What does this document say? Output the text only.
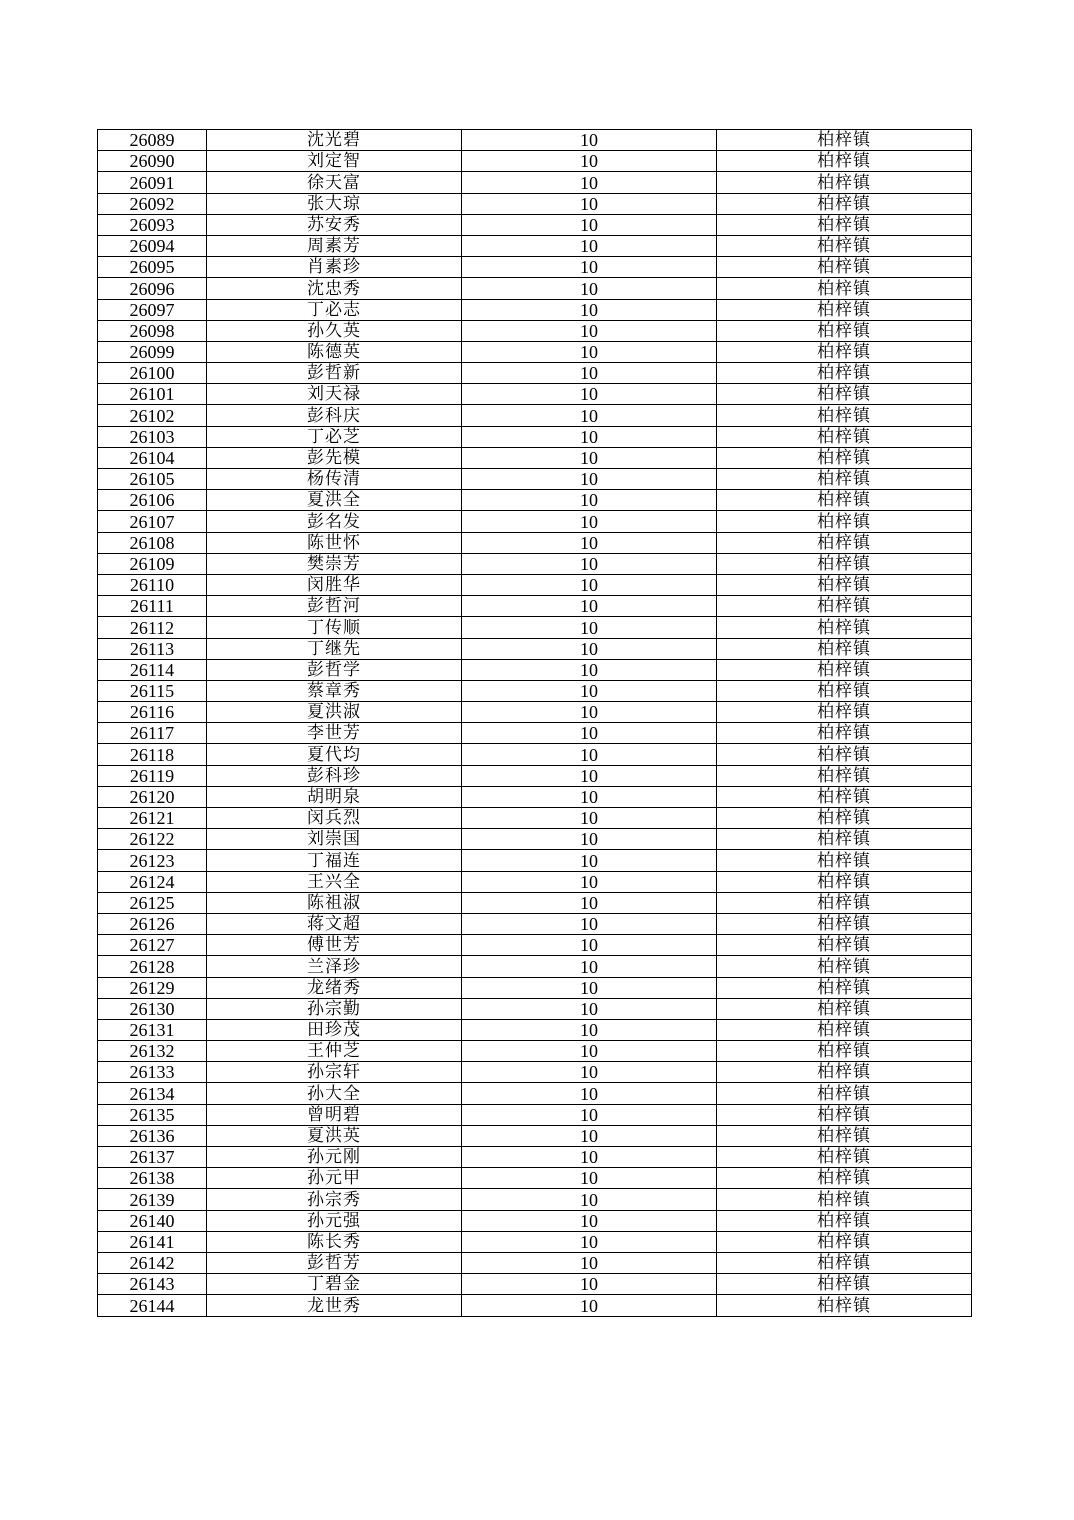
26089	沈光碧	10	柏梓镇
26090	刘定智	10	柏梓镇
26091	徐天富	10	柏梓镇
26092	张大琼	10	柏梓镇
26093	苏安秀	10	柏梓镇
26094	周素芳	10	柏梓镇
26095	肖素珍	10	柏梓镇
26096	沈忠秀	10	柏梓镇
26097	丁必志	10	柏梓镇
26098	孙久英	10	柏梓镇
26099	陈德英	10	柏梓镇
26100	彭哲新	10	柏梓镇
26101	刘天禄	10	柏梓镇
26102	彭科庆	10	柏梓镇
26103	丁必芝	10	柏梓镇
26104	彭先模	10	柏梓镇
26105	杨传清	10	柏梓镇
26106	夏洪全	10	柏梓镇
26107	彭名发	10	柏梓镇
26108	陈世怀	10	柏梓镇
26109	樊崇芳	10	柏梓镇
26110	闵胜华	10	柏梓镇
26111	彭哲河	10	柏梓镇
26112	丁传顺	10	柏梓镇
26113	丁继先	10	柏梓镇
26114	彭哲学	10	柏梓镇
26115	蔡章秀	10	柏梓镇
26116	夏洪淑	10	柏梓镇
26117	李世芳	10	柏梓镇
26118	夏代均	10	柏梓镇
26119	彭科珍	10	柏梓镇
26120	胡明泉	10	柏梓镇
26121	闵兵烈	10	柏梓镇
26122	刘崇国	10	柏梓镇
26123	丁福连	10	柏梓镇
26124	王兴全	10	柏梓镇
26125	陈祖淑	10	柏梓镇
26126	蒋文超	10	柏梓镇
26127	傅世芳	10	柏梓镇
26128	兰泽珍	10	柏梓镇
26129	龙绪秀	10	柏梓镇
26130	孙宗勤	10	柏梓镇
26131	田珍茂	10	柏梓镇
26132	王仲芝	10	柏梓镇
26133	孙宗轩	10	柏梓镇
26134	孙大全	10	柏梓镇
26135	曾明碧	10	柏梓镇
26136	夏洪英	10	柏梓镇
26137	孙元刚	10	柏梓镇
26138	孙元甲	10	柏梓镇
26139	孙宗秀	10	柏梓镇
26140	孙元强	10	柏梓镇
26141	陈长秀	10	柏梓镇
26142	彭哲芳	10	柏梓镇
26143	丁碧金	10	柏梓镇
26144	龙世秀	10	柏梓镇
